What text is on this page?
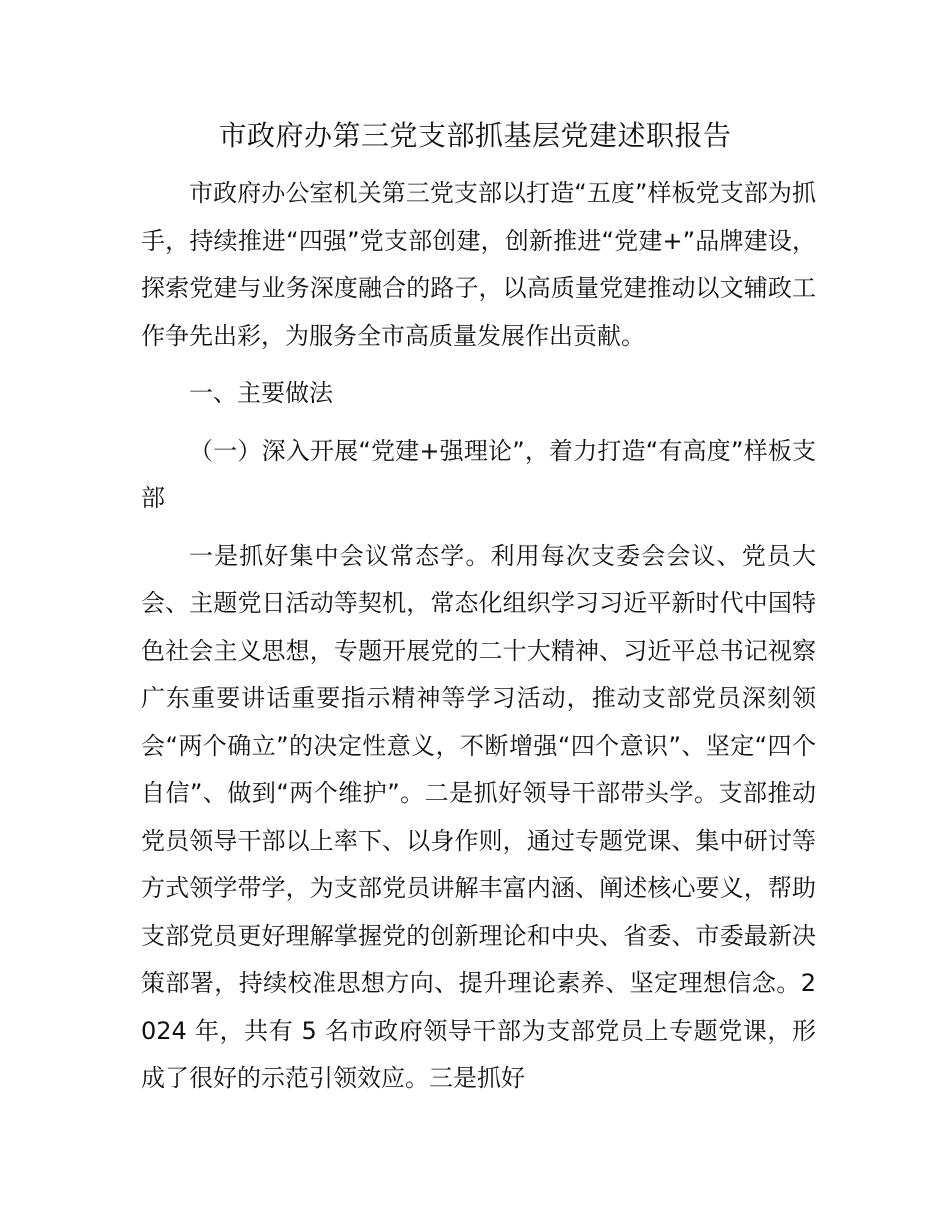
市政府办第三党支部抓基层党建述职报告

市政府办公室机关第三党支部以打造“五度”样板党支部为抓手，持续推进“四强”党支部创建，创新推进“党建+”品牌建设，探索党建与业务深度融合的路子，以高质量党建推动以文辅政工作争先出彩，为服务全市高质量发展作出贡献。

一、主要做法

（一）深入开展“党建+强理论”，着力打造“有高度”样板支部

一是抓好集中会议常态学。利用每次支委会会议、党员大会、主题党日活动等契机，常态化组织学习习近平新时代中国特色社会主义思想，专题开展党的二十大精神、习近平总书记视察广东重要讲话重要指示精神等学习活动，推动支部党员深刻领会“两个确立”的决定性意义，不断增强“四个意识”、坚定“四个自信”、做到“两个维护”。二是抓好领导干部带头学。支部推动党员领导干部以上率下、以身作则，通过专题党课、集中研讨等方式领学带学，为支部党员讲解丰富内涵、阐述核心要义，帮助支部党员更好理解掌握党的创新理论和中央、省委、市委最新决策部署，持续校准思想方向、提升理论素养、坚定理想信念。2024 年，共有 5 名市政府领导干部为支部党员上专题党课，形成了很好的示范引领效应。三是抓好
